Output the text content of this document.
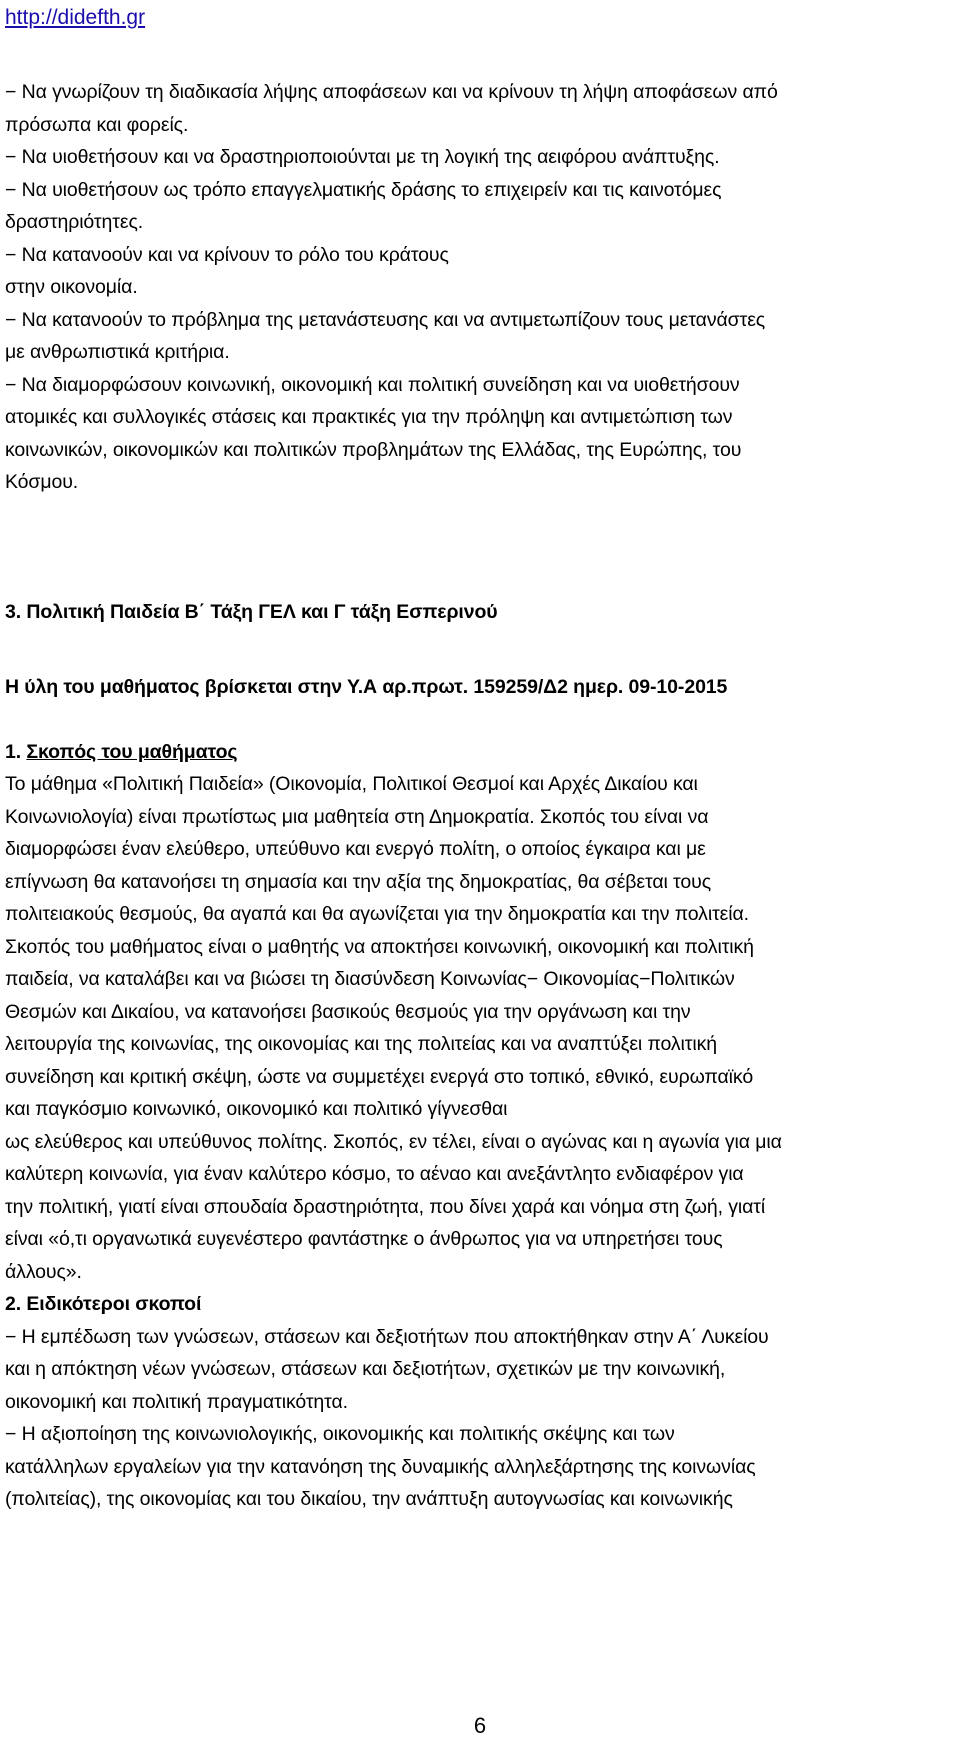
http://didefth.gr
− Να γνωρίζουν τη διαδικασία λήψης αποφάσεων και να κρίνουν τη λήψη αποφάσεων από
πρόσωπα και φορείς.
− Να υιοθετήσουν και να δραστηριοποιούνται με τη λογική της αειφόρου ανάπτυξης.
− Να υιοθετήσουν ως τρόπο επαγγελματικής δράσης το επιχειρείν και τις καινοτόμες
δραστηριότητες.
− Να κατανοούν και να κρίνουν το ρόλο του κράτους
στην οικονομία.
− Να κατανοούν το πρόβλημα της μετανάστευσης και να αντιμετωπίζουν τους μετανάστες
με ανθρωπιστικά κριτήρια.
− Να διαμορφώσουν κοινωνική, οικονομική και πολιτική συνείδηση και να υιοθετήσουν
ατομικές και συλλογικές στάσεις και πρακτικές για την πρόληψη και αντιμετώπιση των
κοινωνικών, οικονομικών και πολιτικών προβλημάτων της Ελλάδας, της Ευρώπης, του
Κόσμου.
3. Πολιτική Παιδεία Β΄ Τάξη ΓΕΛ και Γ τάξη Εσπερινού
Η ύλη του μαθήματος βρίσκεται στην Υ.Α αρ.πρωτ. 159259/Δ2 ημερ. 09-10-2015
1. Σκοπός του μαθήματος
Το μάθημα «Πολιτική Παιδεία» (Οικονομία, Πολιτικοί Θεσμοί και Αρχές Δικαίου και
Κοινωνιολογία) είναι πρωτίστως μια μαθητεία στη Δημοκρατία. Σκοπός του είναι να
διαμορφώσει έναν ελεύθερο, υπεύθυνο και ενεργό πολίτη, ο οποίος έγκαιρα και με
επίγνωση θα κατανοήσει τη σημασία και την αξία της δημοκρατίας, θα σέβεται τους
πολιτειακούς θεσμούς, θα αγαπά και θα αγωνίζεται για την δημοκρατία και την πολιτεία.
Σκοπός του μαθήματος είναι ο μαθητής να αποκτήσει κοινωνική, οικονομική και πολιτική
παιδεία, να καταλάβει και να βιώσει τη διασύνδεση Κοινωνίας− Οικονομίας−Πολιτικών
Θεσμών και Δικαίου, να κατανοήσει βασικούς θεσμούς για την οργάνωση και την
λειτουργία της κοινωνίας, της οικονομίας και της πολιτείας και να αναπτύξει πολιτική
συνείδηση και κριτική σκέψη, ώστε να συμμετέχει ενεργά στο τοπικό, εθνικό, ευρωπαϊκό
και παγκόσμιο κοινωνικό, οικονομικό και πολιτικό γίγνεσθαι
ως ελεύθερος και υπεύθυνος πολίτης. Σκοπός, εν τέλει, είναι ο αγώνας και η αγωνία για μια
καλύτερη κοινωνία, για έναν καλύτερο κόσμο, το αέναο και ανεξάντλητο ενδιαφέρον για
την πολιτική, γιατί είναι σπουδαία δραστηριότητα, που δίνει χαρά και νόημα στη ζωή, γιατί
είναι «ό,τι οργανωτικά ευγενέστερο φαντάστηκε ο άνθρωπος για να υπηρετήσει τους
άλλους».
2. Ειδικότεροι σκοποί
− Η εμπέδωση των γνώσεων, στάσεων και δεξιοτήτων που αποκτήθηκαν στην Α΄ Λυκείου
και η απόκτηση νέων γνώσεων, στάσεων και δεξιοτήτων, σχετικών με την κοινωνική,
οικονομική και πολιτική πραγματικότητα.
− Η αξιοποίηση της κοινωνιολογικής, οικονομικής και πολιτικής σκέψης και των
κατάλληλων εργαλείων για την κατανόηση της δυναμικής αλληλεξάρτησης της κοινωνίας
(πολιτείας), της οικονομίας και του δικαίου, την ανάπτυξη αυτογνωσίας και κοινωνικής
6
